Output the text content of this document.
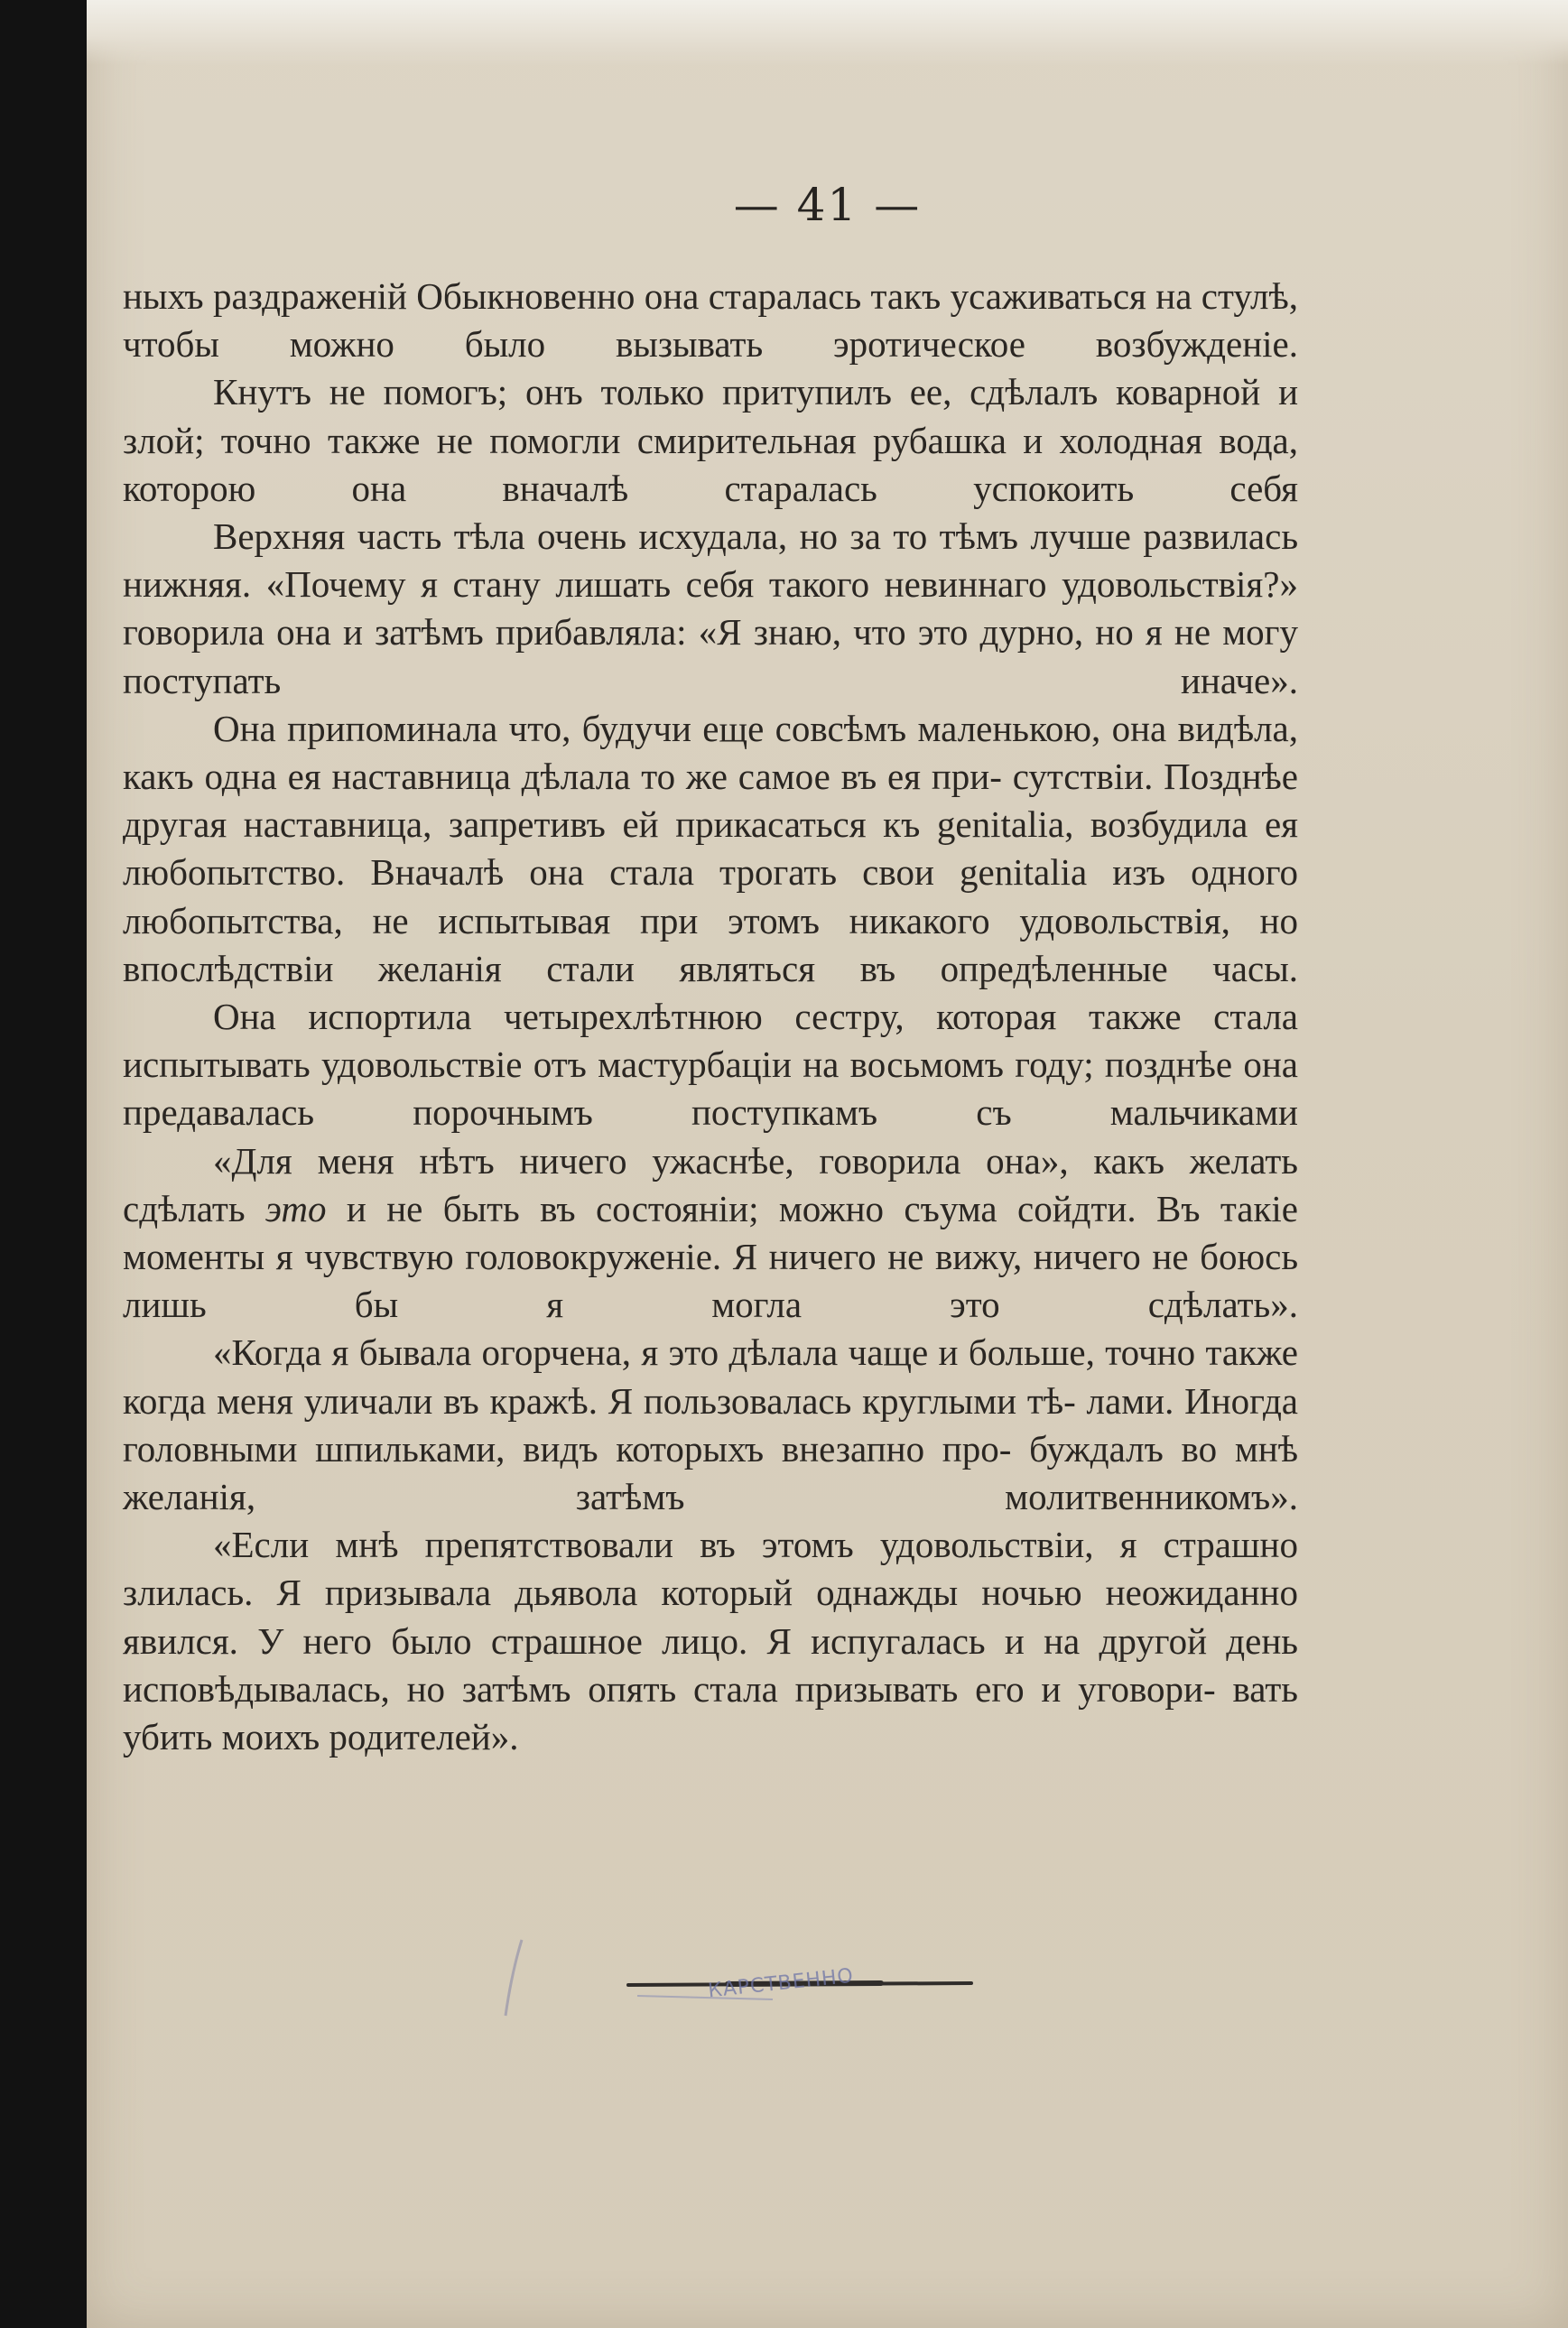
— 41 —

ныхъ раздраженій Обыкновенно она старалась такъ усаживаться на стулѣ, чтобы можно было вызывать эротическое возбужденіе.

Кнутъ не помогъ; онъ только притупилъ ее, сдѣлалъ коварной и злой; точно также не помогли смирительная рубашка и холодная вода, которою она вначалѣ старалась успокоить себя

Верхняя часть тѣла очень исхудала, но за то тѣмъ лучше развилась нижняя. «Почему я стану лишать себя такого невиннаго удовольствія?» говорила она и затѣмъ прибавляла: «Я знаю, что это дурно, но я не могу поступать иначе».

Она припоминала что, будучи еще совсѣмъ маленькою, она видѣла, какъ одна ея наставница дѣлала то же самое въ ея при- сутствіи. Позднѣе другая наставница, запретивъ ей прикасаться къ genitalia, возбудила ея любопытство. Вначалѣ она стала трогать свои genitalia изъ одного любопытства, не испытывая при этомъ никакого удовольствія, но впослѣдствіи желанія стали являться въ опредѣленные часы.

Она испортила четырехлѣтнюю сестру, которая также стала испытывать удовольствіе отъ мастурбаціи на восьмомъ году; позднѣе она предавалась порочнымъ поступкамъ съ мальчиками

«Для меня нѣтъ ничего ужаснѣе, говорила она», какъ желать сдѣлать это и не быть въ состояніи; можно съума сойдти. Въ такіе моменты я чувствую головокруженіе. Я ничего не вижу, ничего не боюсь лишь бы я могла это сдѣлать».

«Когда я бывала огорчена, я это дѣлала чаще и больше, точно также когда меня уличали въ кражѣ. Я пользовалась круглыми тѣ- лами. Иногда головными шпильками, видъ которыхъ внезапно про- буждалъ во мнѣ желанія, затѣмъ молитвенникомъ».

«Если мнѣ препятствовали въ этомъ удовольствіи, я страшно злилась. Я призывала дьявола который однажды ночью неожиданно явился. У него было страшное лицо. Я испугалась и на другой день исповѣдывалась, но затѣмъ опять стала призывать его и уговори- вать убить моихъ родителей».

КАРСТВЕННО
